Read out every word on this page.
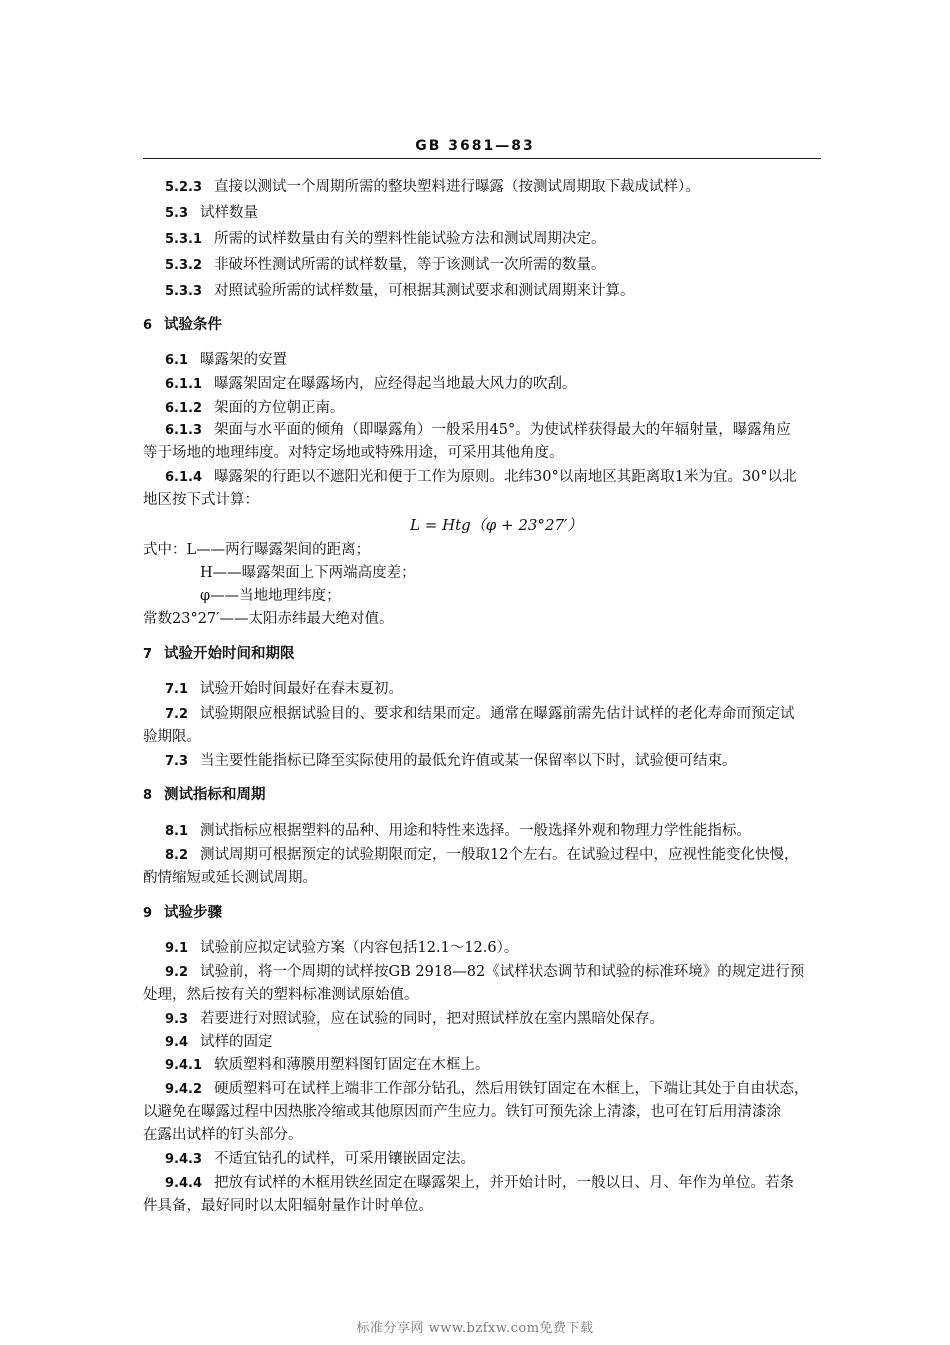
GB 3681—83
5.2.3 直接以测试一个周期所需的整块塑料进行曝露（按测试周期取下裁成试样）。
5.3 试样数量
5.3.1 所需的试样数量由有关的塑料性能试验方法和测试周期决定。
5.3.2 非破坏性测试所需的试样数量，等于该测试一次所需的数量。
5.3.3 对照试验所需的试样数量，可根据其测试要求和测试周期来计算。
6 试验条件
6.1 曝露架的安置
6.1.1 曝露架固定在曝露场内，应经得起当地最大风力的吹刮。
6.1.2 架面的方位朝正南。
6.1.3 架面与水平面的倾角（即曝露角）一般采用45°。为使试样获得最大的年辐射量，曝露角应
等于场地的地理纬度。对特定场地或特殊用途，可采用其他角度。
6.1.4 曝露架的行距以不遮阳光和便于工作为原则。北纬30°以南地区其距离取1米为宜。30°以北
地区按下式计算：
L = Htg（φ + 23°27′）
式中：L——两行曝露架间的距离；
H——曝露架面上下两端高度差；
φ——当地地理纬度；
常数23°27′——太阳赤纬最大绝对值。
7 试验开始时间和期限
7.1 试验开始时间最好在春末夏初。
7.2 试验期限应根据试验目的、要求和结果而定。通常在曝露前需先估计试样的老化寿命而预定试
验期限。
7.3 当主要性能指标已降至实际使用的最低允许值或某一保留率以下时，试验便可结束。
8 测试指标和周期
8.1 测试指标应根据塑料的品种、用途和特性来选择。一般选择外观和物理力学性能指标。
8.2 测试周期可根据预定的试验期限而定，一般取12个左右。在试验过程中，应视性能变化快慢，
酌情缩短或延长测试周期。
9 试验步骤
9.1 试验前应拟定试验方案（内容包括12.1～12.6）。
9.2 试验前，将一个周期的试样按GB 2918—82《试样状态调节和试验的标准环境》的规定进行预
处理，然后按有关的塑料标准测试原始值。
9.3 若要进行对照试验，应在试验的同时，把对照试样放在室内黑暗处保存。
9.4 试样的固定
9.4.1 软质塑料和薄膜用塑料图钉固定在木框上。
9.4.2 硬质塑料可在试样上端非工作部分钻孔，然后用铁钉固定在木框上，下端让其处于自由状态，
以避免在曝露过程中因热胀冷缩或其他原因而产生应力。铁钉可预先涂上清漆，也可在钉后用清漆涂
在露出试样的钉头部分。
9.4.3 不适宜钻孔的试样，可采用镶嵌固定法。
9.4.4 把放有试样的木框用铁丝固定在曝露架上，并开始计时，一般以日、月、年作为单位。若条
件具备，最好同时以太阳辐射量作计时单位。
标准分享网 www.bzfxw.com免费下载
